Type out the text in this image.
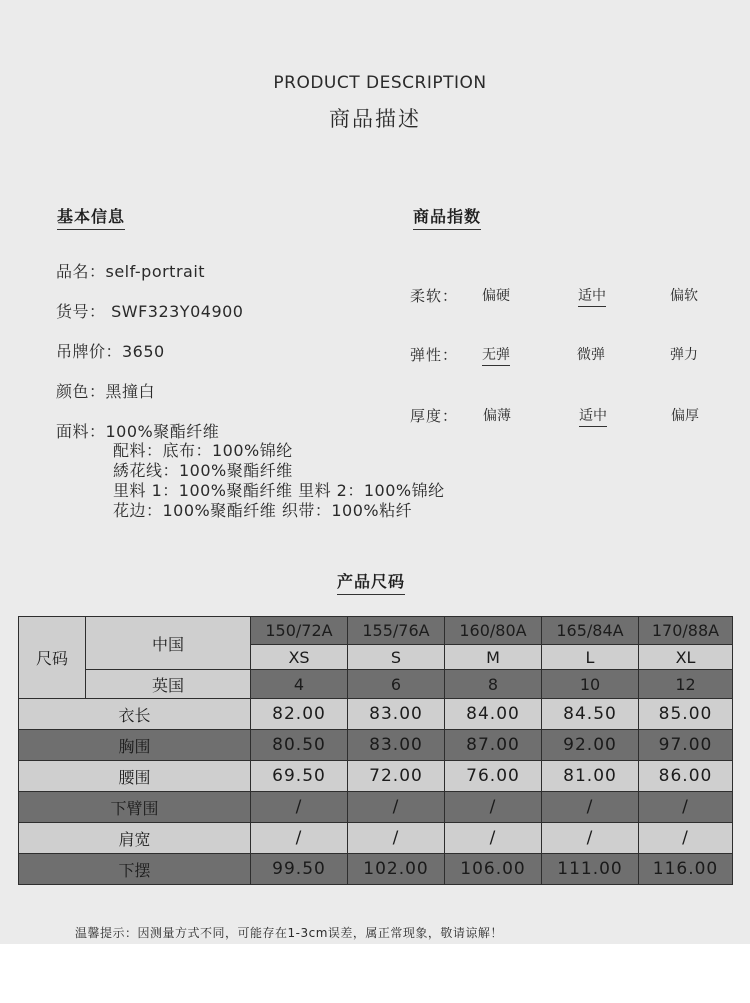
PRODUCT DESCRIPTION
商品描述
基本信息
品名：self-portrait
货号： SWF323Y04900
吊牌价：3650
颜色：黑撞白
面料：100%聚酯纤维
配料：底布：100%锦纶
綉花线：100%聚酯纤维
里料 1：100%聚酯纤维 里料 2：100%锦纶
花边：100%聚酯纤维 织带：100%粘纤
商品指数
柔软： 偏硬	适中	偏软
弹性： 无弹	微弹	弹力
厚度： 偏薄	适中	偏厚
产品尺码
尺码	中国	150/72A	155/76A	160/80A	165/84A	170/88A
		XS	S	M	L	XL
	英国	4	6	8	10	12
衣长		82.00	83.00	84.00	84.50	85.00
胸围		80.50	83.00	87.00	92.00	97.00
腰围		69.50	72.00	76.00	81.00	86.00
下臂围		/	/	/	/	/
肩宽		/	/	/	/	/
下摆		99.50	102.00	106.00	111.00	116.00
温馨提示：因测量方式不同，可能存在1-3cm误差，属正常现象，敬请谅解！
